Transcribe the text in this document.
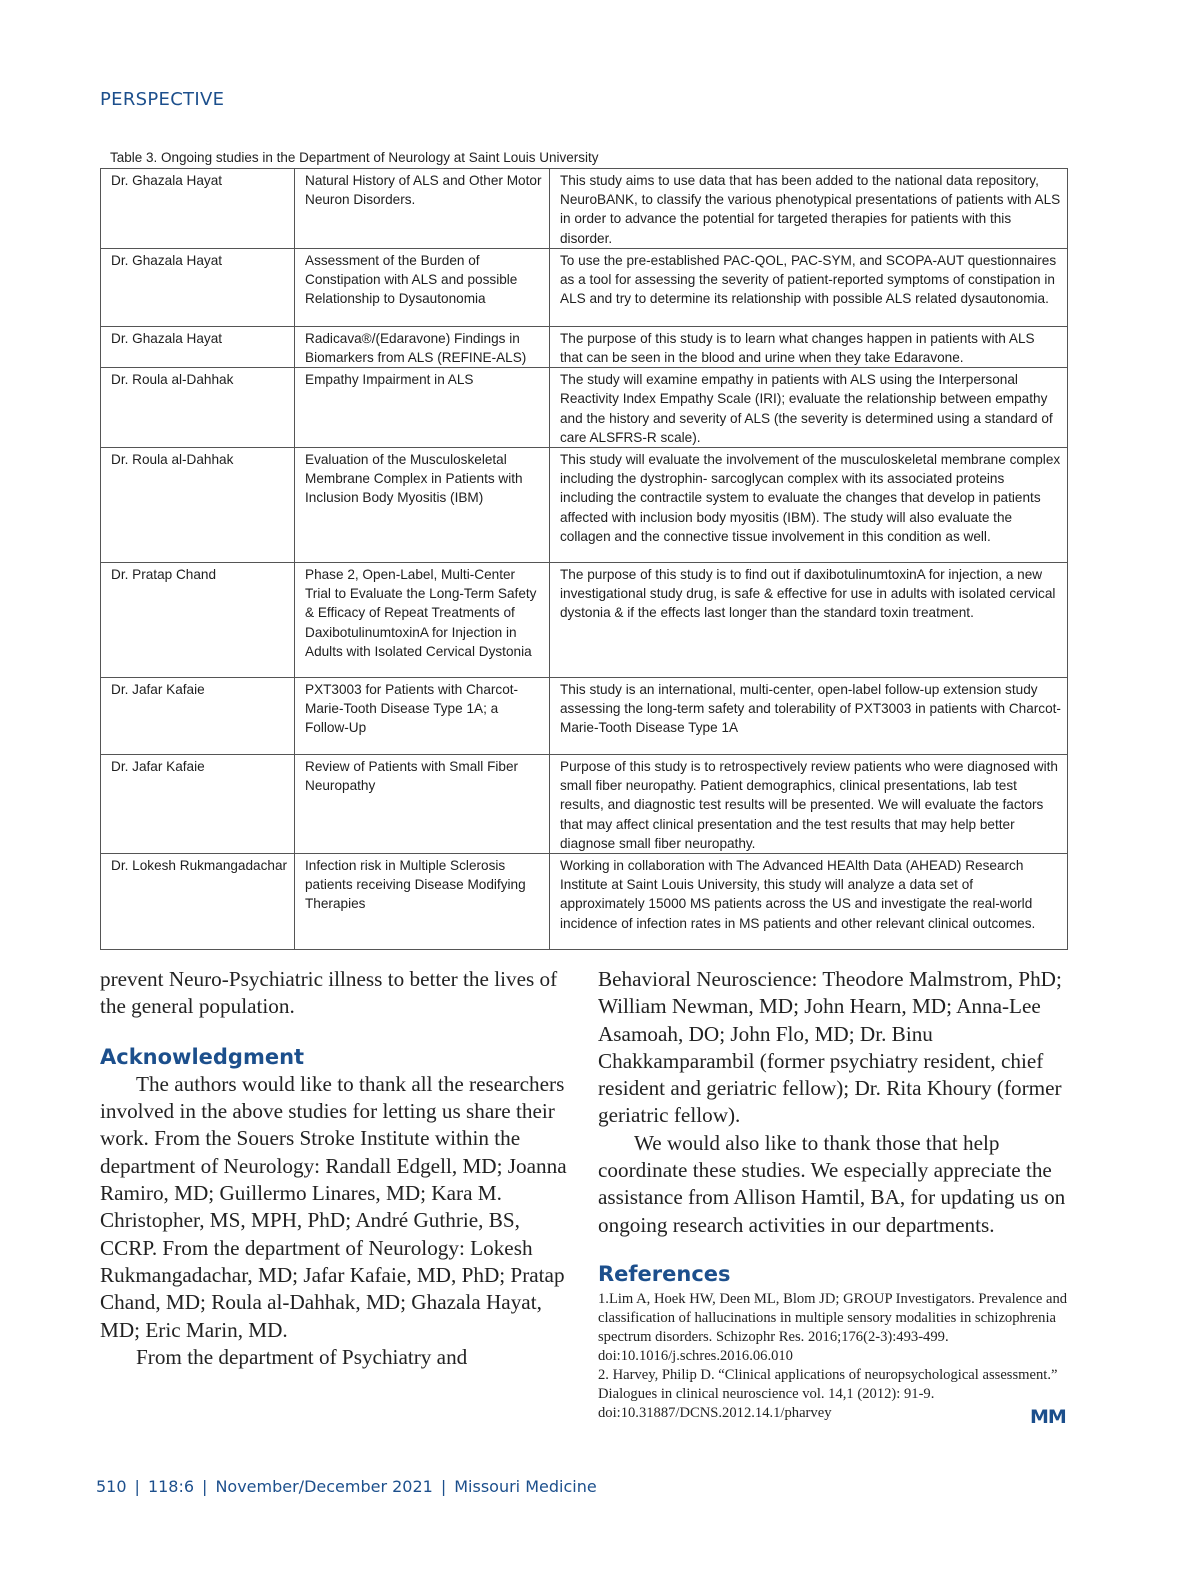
PERSPECTIVE
Table 3. Ongoing studies in the Department of Neurology at Saint Louis University
Dr. Ghazala Hayat	Natural History of ALS and Other Motor Neuron Disorders.	This study aims to use data that has been added to the national data repository, NeuroBANK, to classify the various phenotypical presentations of patients with ALS in order to advance the potential for targeted therapies for patients with this disorder.
Dr. Ghazala Hayat	Assessment of the Burden of Constipation with ALS and possible Relationship to Dysautonomia	To use the pre-established PAC-QOL, PAC-SYM, and SCOPA-AUT questionnaires as a tool for assessing the severity of patient-reported symptoms of constipation in ALS and try to determine its relationship with possible ALS related dysautonomia.
Dr. Ghazala Hayat	Radicava®/(Edaravone) Findings in Biomarkers from ALS (REFINE-ALS)	The purpose of this study is to learn what changes happen in patients with ALS that can be seen in the blood and urine when they take Edaravone.
Dr. Roula al-Dahhak	Empathy Impairment in ALS	The study will examine empathy in patients with ALS using the Interpersonal Reactivity Index Empathy Scale (IRI); evaluate the relationship between empathy and the history and severity of ALS (the severity is determined using a standard of care ALSFRS-R scale).
Dr. Roula al-Dahhak	Evaluation of the Musculoskeletal Membrane Complex in Patients with Inclusion Body Myositis (IBM)	This study will evaluate the involvement of the musculoskeletal membrane complex including the dystrophin- sarcoglycan complex with its associated proteins including the contractile system to evaluate the changes that develop in patients affected with inclusion body myositis (IBM). The study will also evaluate the collagen and the connective tissue involvement in this condition as well.
Dr. Pratap Chand	Phase 2, Open-Label, Multi-Center Trial to Evaluate the Long-Term Safety & Efficacy of Repeat Treatments of DaxibotulinumtoxinA for Injection in Adults with Isolated Cervical Dystonia	The purpose of this study is to find out if daxibotulinumtoxinA for injection, a new investigational study drug, is safe & effective for use in adults with isolated cervical dystonia & if the effects last longer than the standard toxin treatment.
Dr. Jafar Kafaie	PXT3003 for Patients with Charcot-Marie-Tooth Disease Type 1A; a Follow-Up	This study is an international, multi-center, open-label follow-up extension study assessing the long-term safety and tolerability of PXT3003 in patients with Charcot-Marie-Tooth Disease Type 1A
Dr. Jafar Kafaie	Review of Patients with Small Fiber Neuropathy	Purpose of this study is to retrospectively review patients who were diagnosed with small fiber neuropathy. Patient demographics, clinical presentations, lab test results, and diagnostic test results will be presented. We will evaluate the factors that may affect clinical presentation and the test results that may help better diagnose small fiber neuropathy.
Dr. Lokesh Rukmangadachar	Infection risk in Multiple Sclerosis patients receiving Disease Modifying Therapies	Working in collaboration with The Advanced HEAlth Data (AHEAD) Research Institute at Saint Louis University, this study will analyze a data set of approximately 15000 MS patients across the US and investigate the real-world incidence of infection rates in MS patients and other relevant clinical outcomes.

prevent Neuro-Psychiatric illness to better the lives of the general population.

Acknowledgment

The authors would like to thank all the researchers involved in the above studies for letting us share their work. From the Souers Stroke Institute within the department of Neurology: Randall Edgell, MD; Joanna Ramiro, MD; Guillermo Linares, MD; Kara M. Christopher, MS, MPH, PhD; André Guthrie, BS, CCRP. From the department of Neurology: Lokesh Rukmangadachar, MD; Jafar Kafaie, MD, PhD; Pratap Chand, MD; Roula al-Dahhak, MD; Ghazala Hayat, MD; Eric Marin, MD.

From the department of Psychiatry and

Behavioral Neuroscience: Theodore Malmstrom, PhD; William Newman, MD; John Hearn, MD; Anna-Lee Asamoah, DO; John Flo, MD; Dr. Binu Chakkamparambil (former psychiatry resident, chief resident and geriatric fellow); Dr. Rita Khoury (former geriatric fellow).

We would also like to thank those that help coordinate these studies. We especially appreciate the assistance from Allison Hamtil, BA, for updating us on ongoing research activities in our departments.

References

1.Lim A, Hoek HW, Deen ML, Blom JD; GROUP Investigators. Prevalence and classification of hallucinations in multiple sensory modalities in schizophrenia spectrum disorders. Schizophr Res. 2016;176(2-3):493-499. doi:10.1016/j.schres.2016.06.010

2. Harvey, Philip D. “Clinical applications of neuropsychological assessment.” Dialogues in clinical neuroscience vol. 14,1 (2012): 91-9. doi:10.31887/DCNS.2012.14.1/pharvey	MM
510 | 118:6 | November/December 2021 | Missouri Medicine
